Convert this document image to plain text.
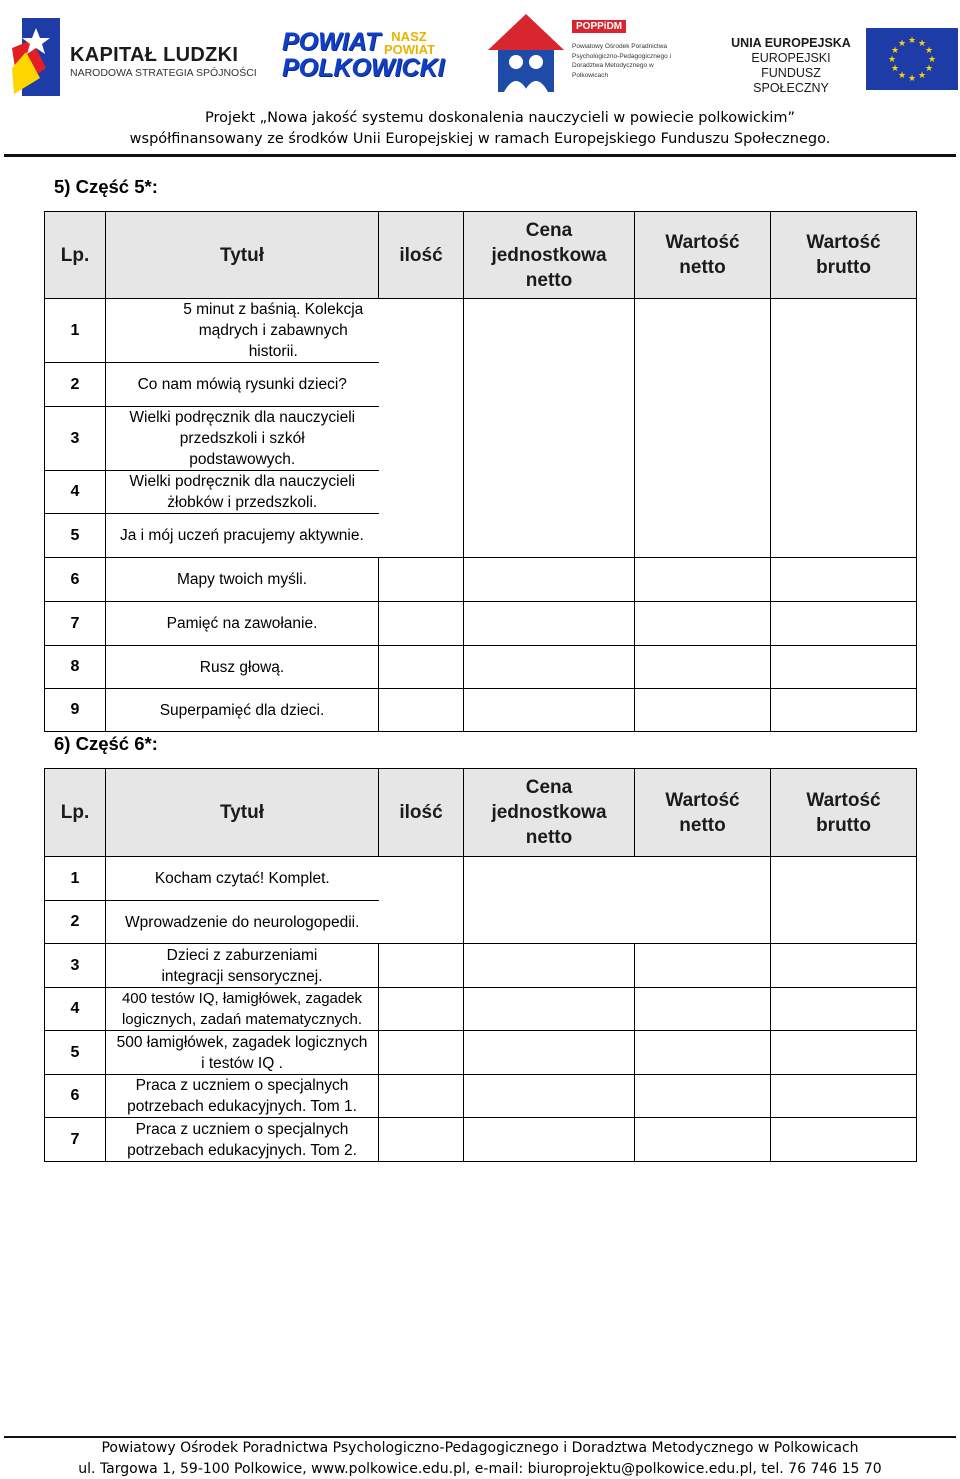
KAPITAŁ LUDZKI
NARODOWA STRATEGIA SPÓJNOŚCI
POWIAT
POLKOWICKI
NASZ POWIAT
POPPiDM
Powiatowy Ośrodek Poradnictwa Psychologiczno-Pedagogicznego i Doradztwa Metodycznego w Polkowicach
UNIA EUROPEJSKA
EUROPEJSKI
FUNDUSZ SPOŁECZNY
★ ★
★
★
★
★
★
★
★
★
★
★
Projekt „Nowa jakość systemu doskonalenia nauczycieli w powiecie polkowickim”
współfinansowany ze środków Unii Europejskiej w ramach Europejskiego Funduszu Społecznego.
5) Część 5*:
Lp.	Tytuł	ilość	Cena jednostkowa netto	Wartość netto	Wartość brutto
1	5 minut z baśnią. Kolekcja mądrych i zabawnych historii.				
2	Co nam mówią rysunki dzieci?				
3	Wielki podręcznik dla nauczycieli przedszkoli i szkół podstawowych.				
4	Wielki podręcznik dla nauczycieli żłobków i przedszkoli.				
5	Ja i mój uczeń pracujemy aktywnie.				
6	Mapy twoich myśli.				
7	Pamięć na zawołanie.				
8	Rusz głową.				
9	Superpamięć dla dzieci.				
6) Część 6*:
Lp.	Tytuł	ilość	Cena jednostkowa netto	Wartość netto	Wartość brutto
1	Kocham czytać! Komplet.				
2	Wprowadzenie do neurologopedii.				
3	Dzieci z zaburzeniami integracji sensorycznej.				
4	400 testów IQ, łamigłówek, zagadek logicznych, zadań matematycznych.				
5	500 łamigłówek, zagadek logicznych i testów IQ .				
6	Praca z uczniem o specjalnych potrzebach edukacyjnych. Tom 1.				
7	Praca z uczniem o specjalnych potrzebach edukacyjnych. Tom 2.				
Powiatowy Ośrodek Poradnictwa Psychologiczno-Pedagogicznego i Doradztwa Metodycznego w Polkowicach
ul. Targowa 1, 59-100 Polkowice, www.polkowice.edu.pl, e-mail: biuroprojektu@polkowice.edu.pl, tel. 76 746 15 70
